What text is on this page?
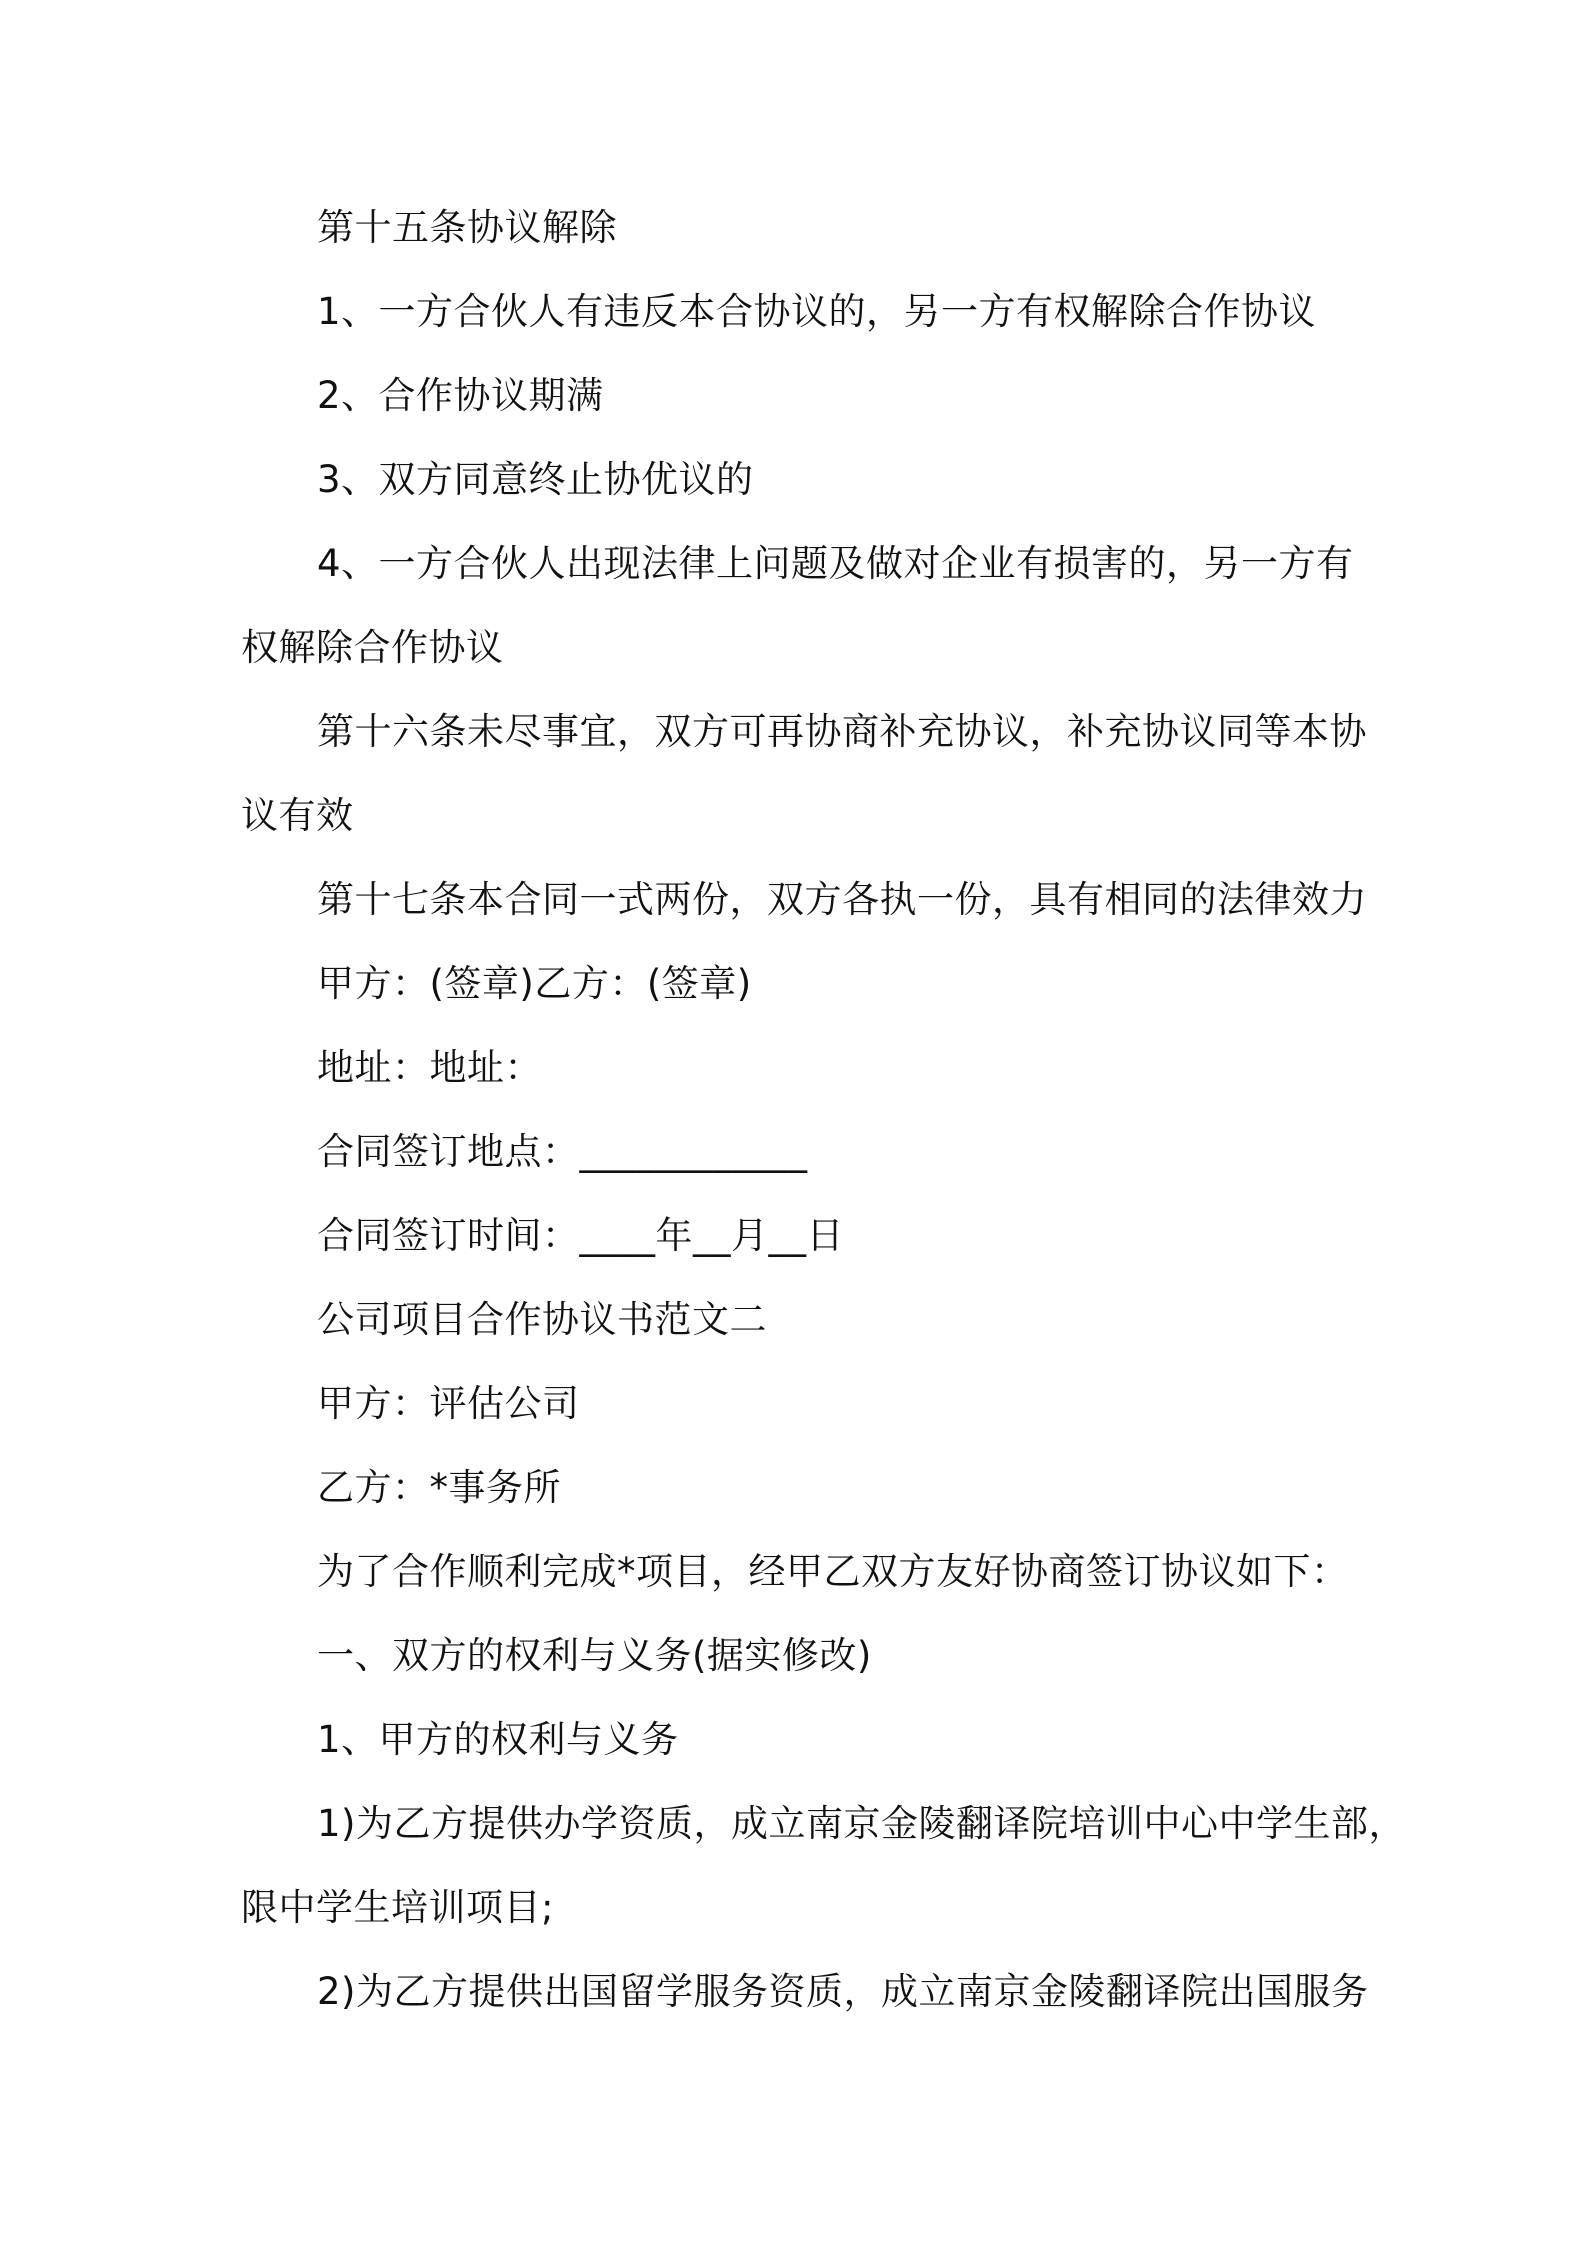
第十五条协议解除
1、一方合伙人有违反本合协议的，另一方有权解除合作协议
2、合作协议期满
3、双方同意终止协优议的
4、一方合伙人出现法律上问题及做对企业有损害的，另一方有
权解除合作协议
第十六条未尽事宜，双方可再协商补充协议，补充协议同等本协
议有效
第十七条本合同一式两份，双方各执一份，具有相同的法律效力
甲方：(签章)乙方：(签章)
地址：地址：
合同签订地点：____________
合同签订时间：____年__月__日
公司项目合作协议书范文二
甲方：评估公司
乙方：*事务所
为了合作顺利完成*项目，经甲乙双方友好协商签订协议如下：
一、双方的权利与义务(据实修改)
1、甲方的权利与义务
1)为乙方提供办学资质，成立南京金陵翻译院培训中心中学生部，
限中学生培训项目;
2)为乙方提供出国留学服务资质，成立南京金陵翻译院出国服务
